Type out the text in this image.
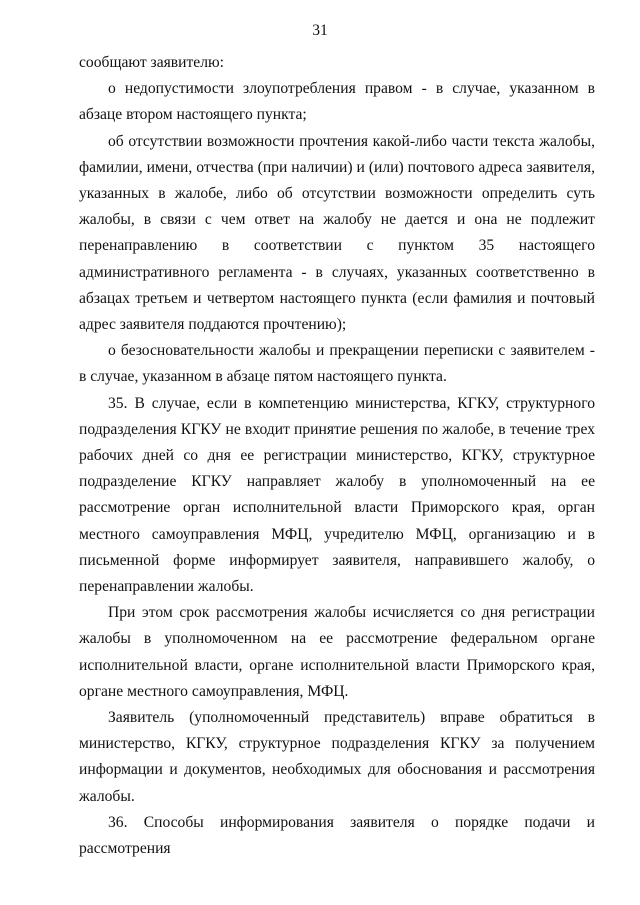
31

сообщают заявителю:

о недопустимости злоупотребления правом - в случае, указанном в абзаце втором настоящего пункта;

об отсутствии возможности прочтения какой-либо части текста жалобы, фамилии, имени, отчества (при наличии) и (или) почтового адреса заявителя, указанных в жалобе, либо об отсутствии возможности определить суть жалобы, в связи с чем ответ на жалобу не дается и она не подлежит перенаправлению в соответствии с пунктом 35 настоящего административного регламента - в случаях, указанных соответственно в абзацах третьем и четвертом настоящего пункта (если фамилия и почтовый адрес заявителя поддаются прочтению);

о безосновательности жалобы и прекращении переписки с заявителем - в случае, указанном в абзаце пятом настоящего пункта.

35. В случае, если в компетенцию министерства, КГКУ, структурного подразделения КГКУ не входит принятие решения по жалобе, в течение трех рабочих дней со дня ее регистрации министерство, КГКУ, структурное подразделение КГКУ направляет жалобу в уполномоченный на ее рассмотрение орган исполнительной власти Приморского края, орган местного самоуправления МФЦ, учредителю МФЦ, организацию и в письменной форме информирует заявителя, направившего жалобу, о перенаправлении жалобы.

При этом срок рассмотрения жалобы исчисляется со дня регистрации жалобы в уполномоченном на ее рассмотрение федеральном органе исполнительной власти, органе исполнительной власти Приморского края, органе местного самоуправления, МФЦ.

Заявитель (уполномоченный представитель) вправе обратиться в министерство, КГКУ, структурное подразделения КГКУ за получением информации и документов, необходимых для обоснования и рассмотрения жалобы.

36. Способы информирования заявителя о порядке подачи и рассмотрения
